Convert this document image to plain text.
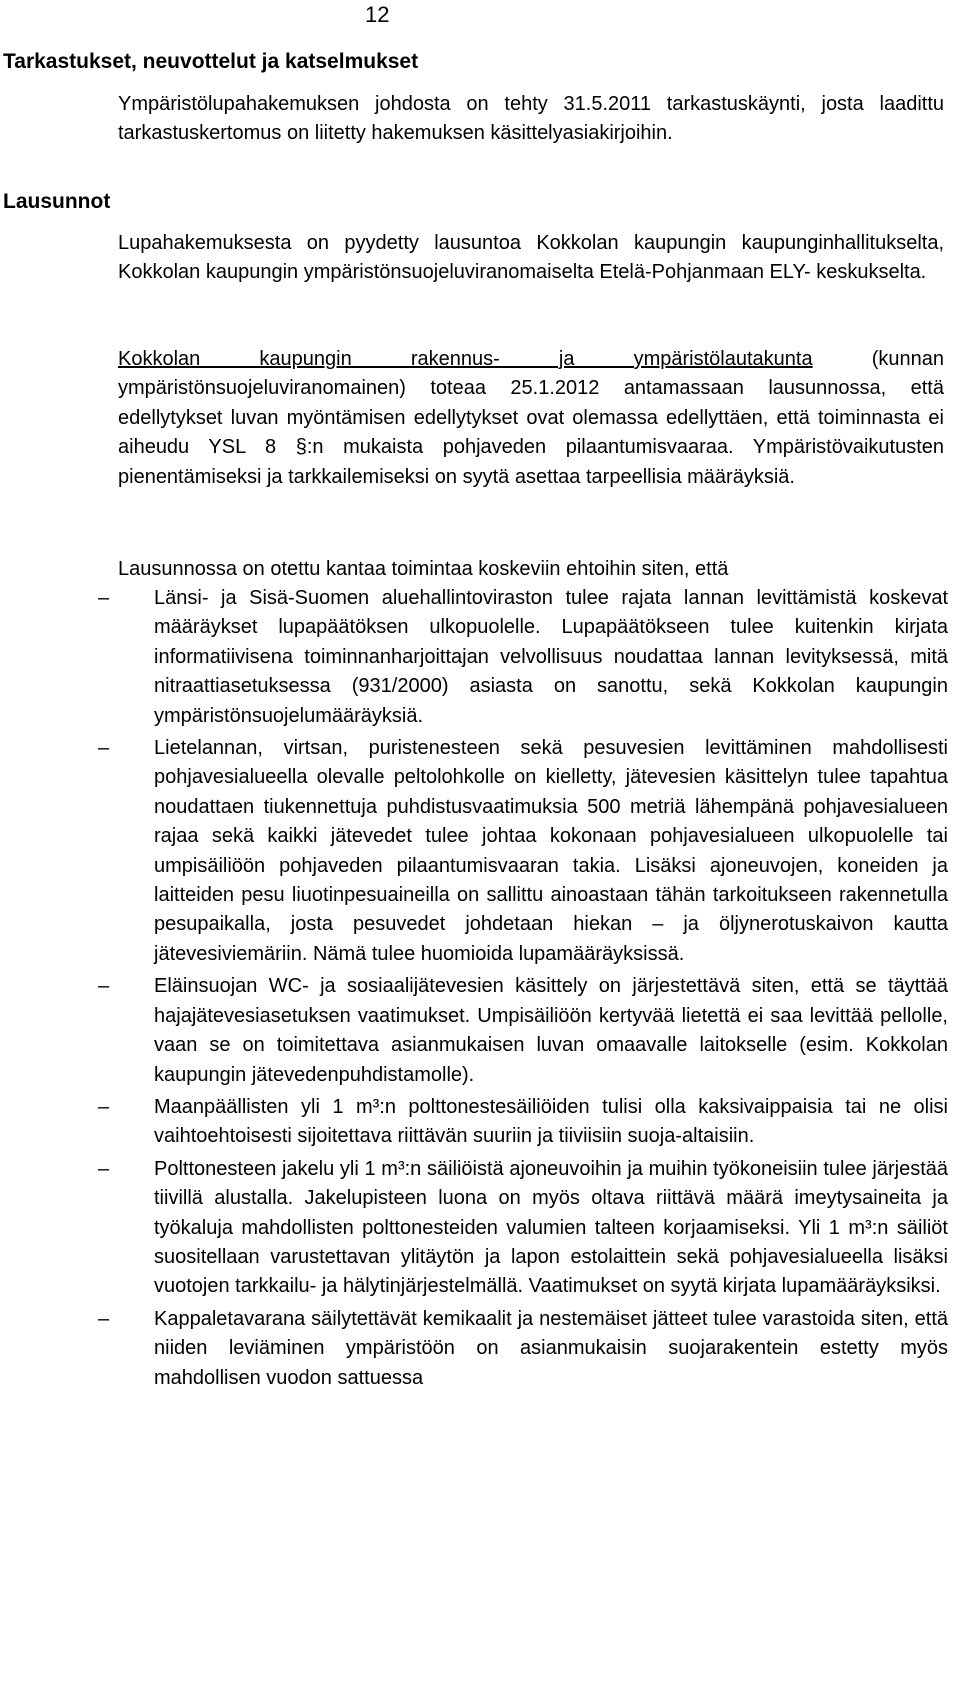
12
Tarkastukset, neuvottelut ja katselmukset

Ympäristölupahakemuksen johdosta on tehty 31.5.2011 tarkastuskäynti, josta laadittu tarkastuskertomus on liitetty hakemuksen käsittelyasiakirjoihin.

Lausunnot

Lupahakemuksesta on pyydetty lausuntoa Kokkolan kaupungin kaupunginhallitukselta, Kokkolan kaupungin ympäristönsuojeluviranomaiselta Etelä-Pohjanmaan ELY- keskukselta.

Kokkolan kaupungin rakennus- ja ympäristölautakunta (kunnan ympäristönsuojeluviranomainen) toteaa 25.1.2012 antamassaan lausunnossa, että edellytykset luvan myöntämisen edellytykset ovat olemassa edellyttäen, että toiminnasta ei aiheudu YSL 8 §:n mukaista pohjaveden pilaantumisvaaraa. Ympäristövaikutusten pienentämiseksi ja tarkkailemiseksi on syytä asettaa tarpeellisia määräyksiä.

Lausunnossa on otettu kantaa toimintaa koskeviin ehtoihin siten, että

– Länsi- ja Sisä-Suomen aluehallintoviraston tulee rajata lannan levittämistä koskevat määräykset lupapäätöksen ulkopuolelle. Lupapäätökseen tulee kuitenkin kirjata informatiivisena toiminnanharjoittajan velvollisuus noudattaa lannan levityksessä, mitä nitraattiasetuksessa (931/2000) asiasta on sanottu, sekä Kokkolan kaupungin ympäristönsuojelumääräyksiä.
– Lietelannan, virtsan, puristenesteen sekä pesuvesien levittäminen mahdollisesti pohjavesialueella olevalle peltolohkolle on kielletty, jätevesien käsittelyn tulee tapahtua noudattaen tiukennettuja puhdistusvaatimuksia 500 metriä lähempänä pohjavesialueen rajaa sekä kaikki jätevedet tulee johtaa kokonaan pohjavesialueen ulkopuolelle tai umpisäiliöön pohjaveden pilaantumisvaaran takia. Lisäksi ajoneuvojen, koneiden ja laitteiden pesu liuotinpesuaineilla on sallittu ainoastaan tähän tarkoitukseen rakennetulla pesupaikalla, josta pesuvedet johdetaan hiekan – ja öljynerotuskaivon kautta jätevesiviemäriin. Nämä tulee huomioida lupamääräyksissä.
– Eläinsuojan WC- ja sosiaalijätevesien käsittely on järjestettävä siten, että se täyttää hajajätevesiasetuksen vaatimukset. Umpisäiliöön kertyvää lietettä ei saa levittää pellolle, vaan se on toimitettava asianmukaisen luvan omaavalle laitokselle (esim. Kokkolan kaupungin jätevedenpuhdistamolle).
– Maanpäällisten yli 1 m³:n polttonestesäiliöiden tulisi olla kaksivaippaisia tai ne olisi vaihtoehtoisesti sijoitettava riittävän suuriin ja tiiviisiin suoja-altaisiin.
– Polttonesteen jakelu yli 1 m³:n säiliöistä ajoneuvoihin ja muihin työkoneisiin tulee järjestää tiivillä alustalla. Jakelupisteen luona on myös oltava riittävä määrä imeytysaineita ja työkaluja mahdollisten polttonesteiden valumien talteen korjaamiseksi. Yli 1 m³:n säiliöt suositellaan varustettavan ylitäytön ja lapon estolaittein sekä pohjavesialueella lisäksi vuotojen tarkkailu- ja hälytinjärjestelmällä. Vaatimukset on syytä kirjata lupamääräyksiksi.
– Kappaletavarana säilytettävät kemikaalit ja nestemäiset jätteet tulee varastoida siten, että niiden leviäminen ympäristöön on asianmukaisin suojarakentein estetty myös mahdollisen vuodon sattuessa
